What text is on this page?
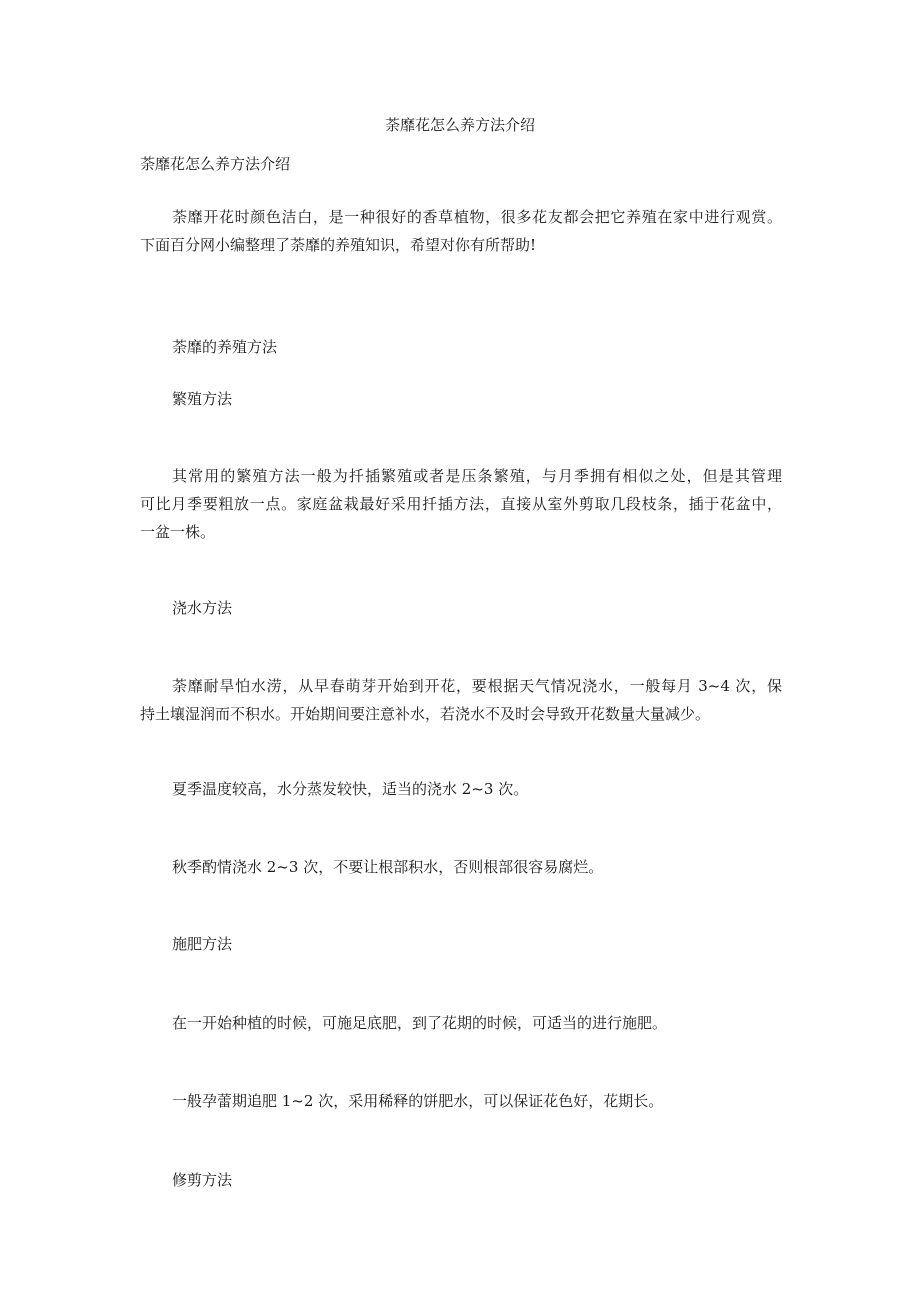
荼靡花怎么养方法介绍
荼靡花怎么养方法介绍
荼靡开花时颜色洁白，是一种很好的香草植物，很多花友都会把它养殖在家中进行观赏。
下面百分网小编整理了荼靡的养殖知识，希望对你有所帮助!
荼靡的养殖方法
繁殖方法
其常用的繁殖方法一般为扦插繁殖或者是压条繁殖，与月季拥有相似之处，但是其管理
可比月季要粗放一点。家庭盆栽最好采用扦插方法，直接从室外剪取几段枝条，插于花盆中，
一盆一株。
浇水方法
荼靡耐旱怕水涝，从早春萌芽开始到开花，要根据天气情况浇水，一般每月 3~4 次，保
持土壤湿润而不积水。开始期间要注意补水，若浇水不及时会导致开花数量大量减少。
夏季温度较高，水分蒸发较快，适当的浇水 2~3 次。
秋季酌情浇水 2~3 次，不要让根部积水，否则根部很容易腐烂。
施肥方法
在一开始种植的时候，可施足底肥，到了花期的时候，可适当的进行施肥。
一般孕蕾期追肥 1~2 次，采用稀释的饼肥水，可以保证花色好，花期长。
修剪方法
